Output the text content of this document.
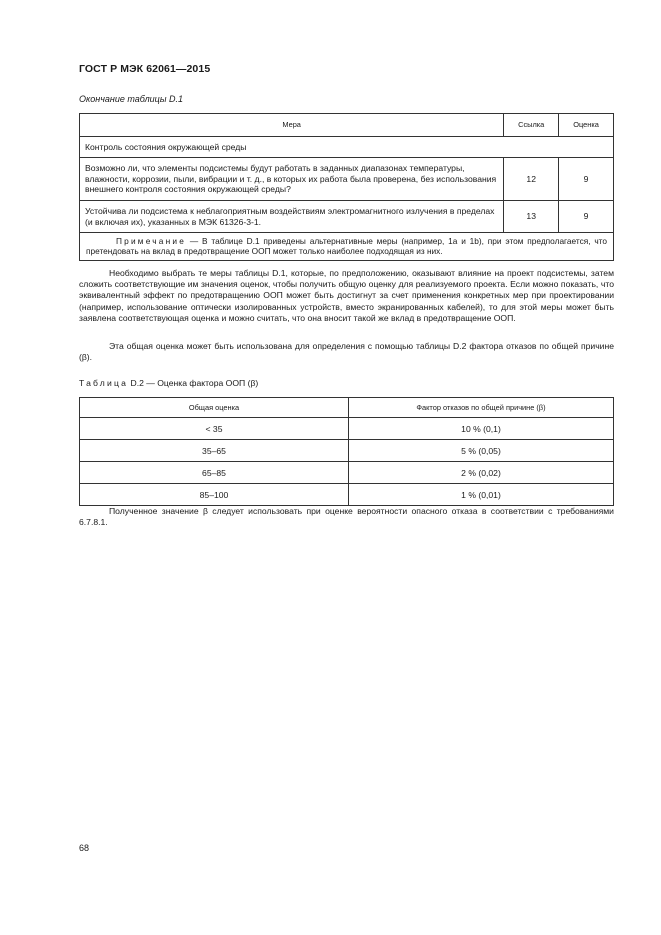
ГОСТ Р МЭК 62061—2015
Окончание таблицы D.1
Мера	Ссылка	Оценка
Контроль состояния окружающей среды		
Возможно ли, что элементы подсистемы будут работать в заданных диапазонах температуры, влажности, коррозии, пыли, вибрации и т. д., в которых их работа была проверена, без использования внешнего контроля состояния окружающей среды?	12	9
Устойчива ли подсистема к неблагоприятным воздействиям электромагнитного излучения в пределах (и включая их), указанных в МЭК 61326-3-1.	13	9
Примечание — В таблице D.1 приведены альтернативные меры (например, 1a и 1b), при этом предполагается, что претендовать на вклад в предотвращение ООП может только наиболее подходящая из них.		

Необходимо выбрать те меры таблицы D.1, которые, по предположению, оказывают влияние на проект подсистемы, затем сложить соответствующие им значения оценок, чтобы получить общую оценку для реализуемого проекта. Если можно показать, что эквивалентный эффект по предотвращению ООП может быть достигнут за счет применения конкретных мер при проектировании (например, использование оптически изолированных устройств, вместо экранированных кабелей), то для этой меры может быть заявлена соответствующая оценка и можно считать, что она вносит такой же вклад в предотвращение ООП.

Эта общая оценка может быть использована для определения с помощью таблицы D.2 фактора отказов по общей причине (β).

Таблица D.2 — Оценка фактора ООП (β)
Общая оценка	Фактор отказов по общей причине (β)
< 35	10 % (0,1)
35–65	5 % (0,05)
65–85	2 % (0,02)
85–100	1 % (0,01)

Полученное значение β следует использовать при оценке вероятности опасного отказа в соответствии с требованиями 6.7.8.1.

68
